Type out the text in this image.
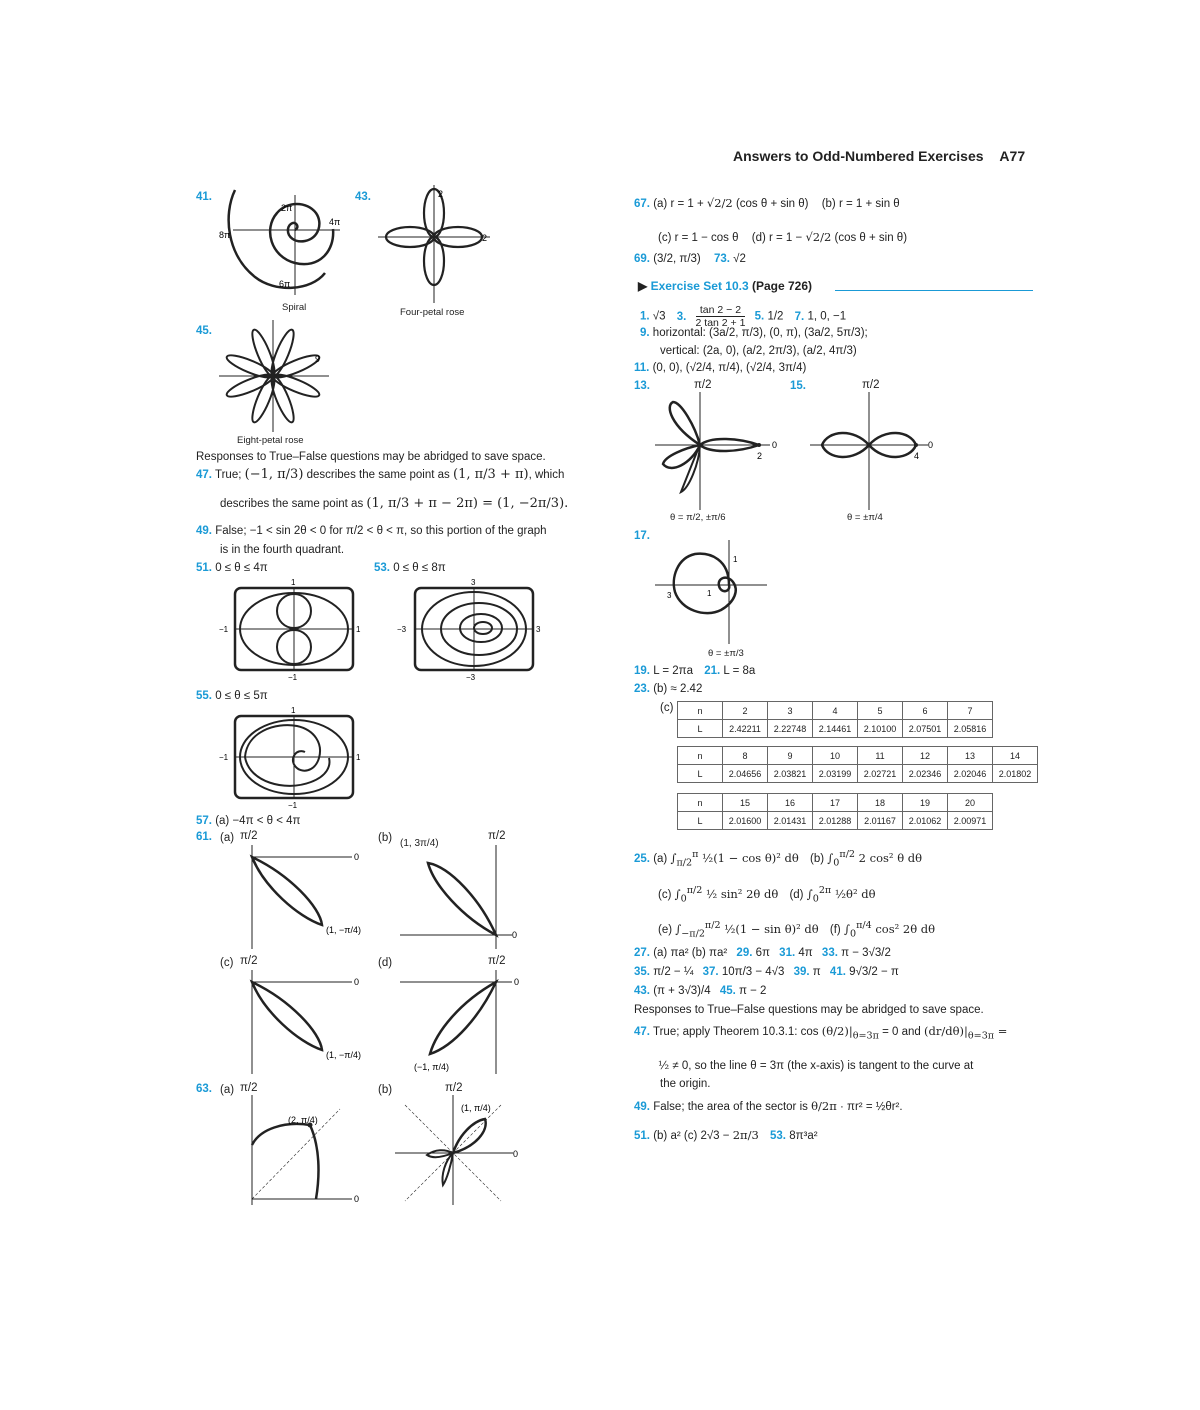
Answers to Odd-Numbered Exercises A77
41.
2π
4π
8π
6π
Spiral
43.	2
2
Four-petal rose
45.
9
Eight-petal rose
Responses to True–False questions may be abridged to save space.
47. True; (−1, π/3) describes the same point as (1, π/3 + π), which
describes the same point as (1, π/3 + π − 2π) = (1, −2π/3).
49. False; −1 < sin 2θ < 0 for π/2 < θ < π, so this portion of the graph
is in the fourth quadrant.
51. 0 ≤ θ ≤ 4π
1
−1	1
−1
53. 0 ≤ θ ≤ 8π
3
−3	3
−3
55. 0 ≤ θ ≤ 5π
1
−1	1
−1
57. (a) −4π < θ < 4π
61. (a) π/2
0
(1, −π/4)
(b) (1, 3π/4)
π/2
0
(c) π/2
0
(1, −π/4)
(d)	π/2
0
(−1, π/4)
63. (a) π/2
(2, π/4)
0
(b)	π/2
(1, π/4)
0
67. (a) r = 1 + √2/2 (cos θ + sin θ) (b) r = 1 + sin θ
(c) r = 1 − cos θ (d) r = 1 − √2/2 (cos θ + sin θ)
69. (3/2, π/3) 73. √2
▶ Exercise Set 10.3 (Page 726)
1. √3 3. $\frac{\tan 2 - 2}{2 \tan 2 + 1} 5$. 1/2 7. 1, 0, −1
9. horizontal: (3a/2, π/3), (0, π), (3a/2, 5π/3);
vertical: (2a, 0), (a/2, 2π/3), (a/2, 4π/3)
11. (0, 0), (√2/4, π/4), (√2/4, 3π/4)
13.	π/2
0
2
θ = π/2, ±π/6
15.	π/2
0
4
θ = ±π/4
17.
1
3	1
θ = ±π/3
19. L = 2πa 21. L = 8a
23. (b) ≈ 2.42
(c)	n	2	3	4	5	6	7
L	2.42211	2.22748	2.14461	2.10100	2.07501	2.05816
n	8	9	10	11	12	13	14
L	2.04656	2.03821	2.03199	2.02721	2.02346	2.02046	2.01802
n	15	16	17	18	19	20
L	2.01600	2.01431	2.01288	2.01167	2.01062	2.00971
25. (a) $\int_{\pi/2}^\pi$ ½(1 − cos θ)² dθ (b) $\int_0^{\pi/2}$ 2 cos² θ dθ
(c) $\int_0^{\pi/2}$ ½ sin² 2θ dθ (d) $\int_0^{2\pi}$ ½θ² dθ
(e) $\int_{-\pi/2}^{\pi/2}$ ½(1 − sin θ)² dθ (f) $\int_0^{\pi/4}$ cos² 2θ dθ
27. (a) πa² (b) πa² 29. 6π 31. 4π 33. π − 3√3/2
35. π/2 − ¼ 37. 10π/3 − 4√3 39. π 41. 9√3/2 − π
43. (π + 3√3)/4 45. π − 2
Responses to True–False questions may be abridged to save space.
47. True; apply Theorem 10.3.1: $\cos (\theta/2)|_{\theta=3\pi} = 0$ and $(dr/d\theta)|_{\theta=3\pi}$ =
½ ≠ 0, so the line θ = 3π (the x-axis) is tangent to the curve at
the origin.
49. False; the area of the sector is θ/2π · πr² = ½θr².
51. (b) a² (c) 2√3 − 2π/3 53. 8π³a²
